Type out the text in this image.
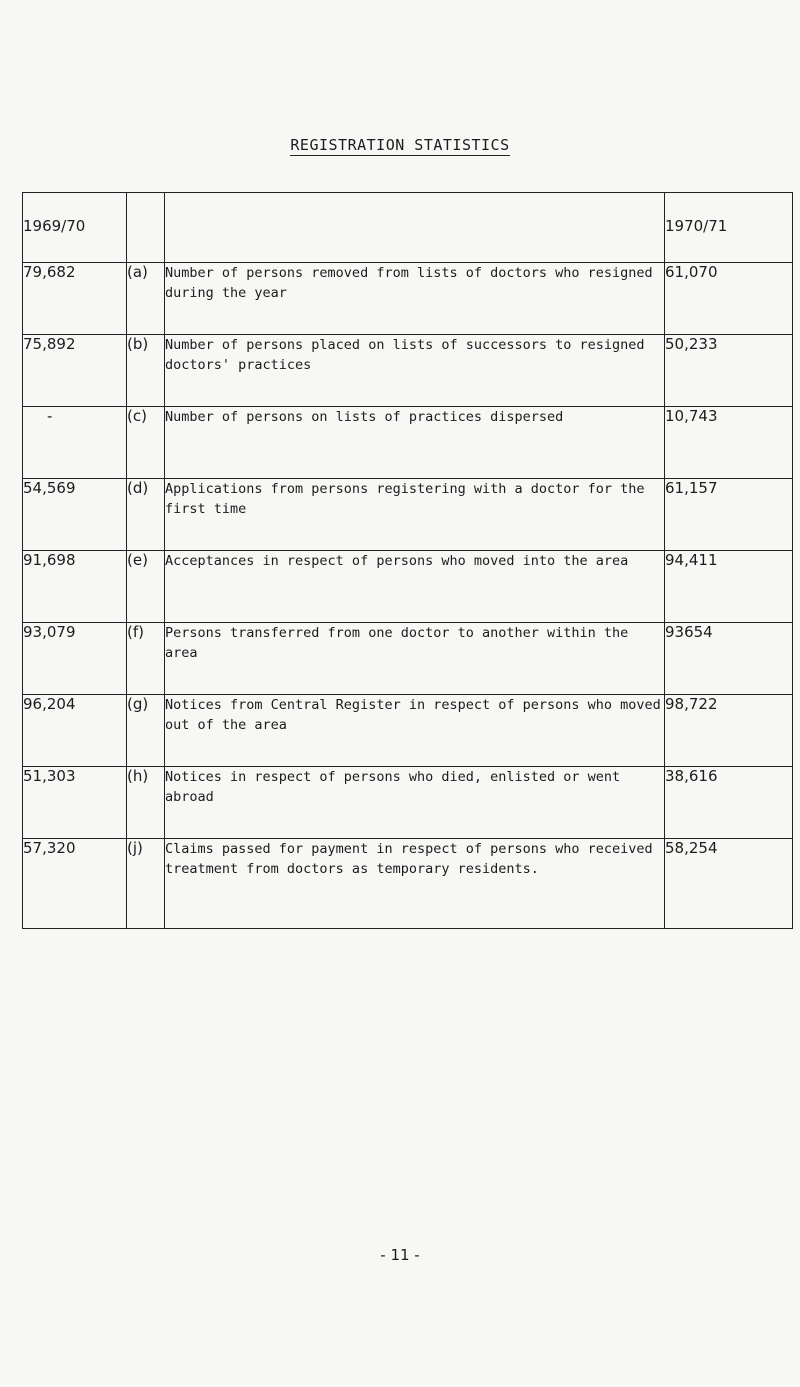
REGISTRATION STATISTICS
1969/70			1970/71
79,682	(a)	Number of persons removed from lists of doctors who resigned during the year	61,070
75,892	(b)	Number of persons placed on lists of successors to resigned doctors' practices	50,233
-	(c)	Number of persons on lists of practices dispersed	10,743
54,569	(d)	Applications from persons registering with a doctor for the first time	61,157
91,698	(e)	Acceptances in respect of persons who moved into the area	94,411
93,079	(f)	Persons transferred from one doctor to another within the area	93654
96,204	(g)	Notices from Central Register in respect of persons who moved out of the area	98,722
51,303	(h)	Notices in respect of persons who died, enlisted or went abroad	38,616
57,320	(j)	Claims passed for payment in respect of persons who received treatment from doctors as temporary residents.	58,254
- 11 -
